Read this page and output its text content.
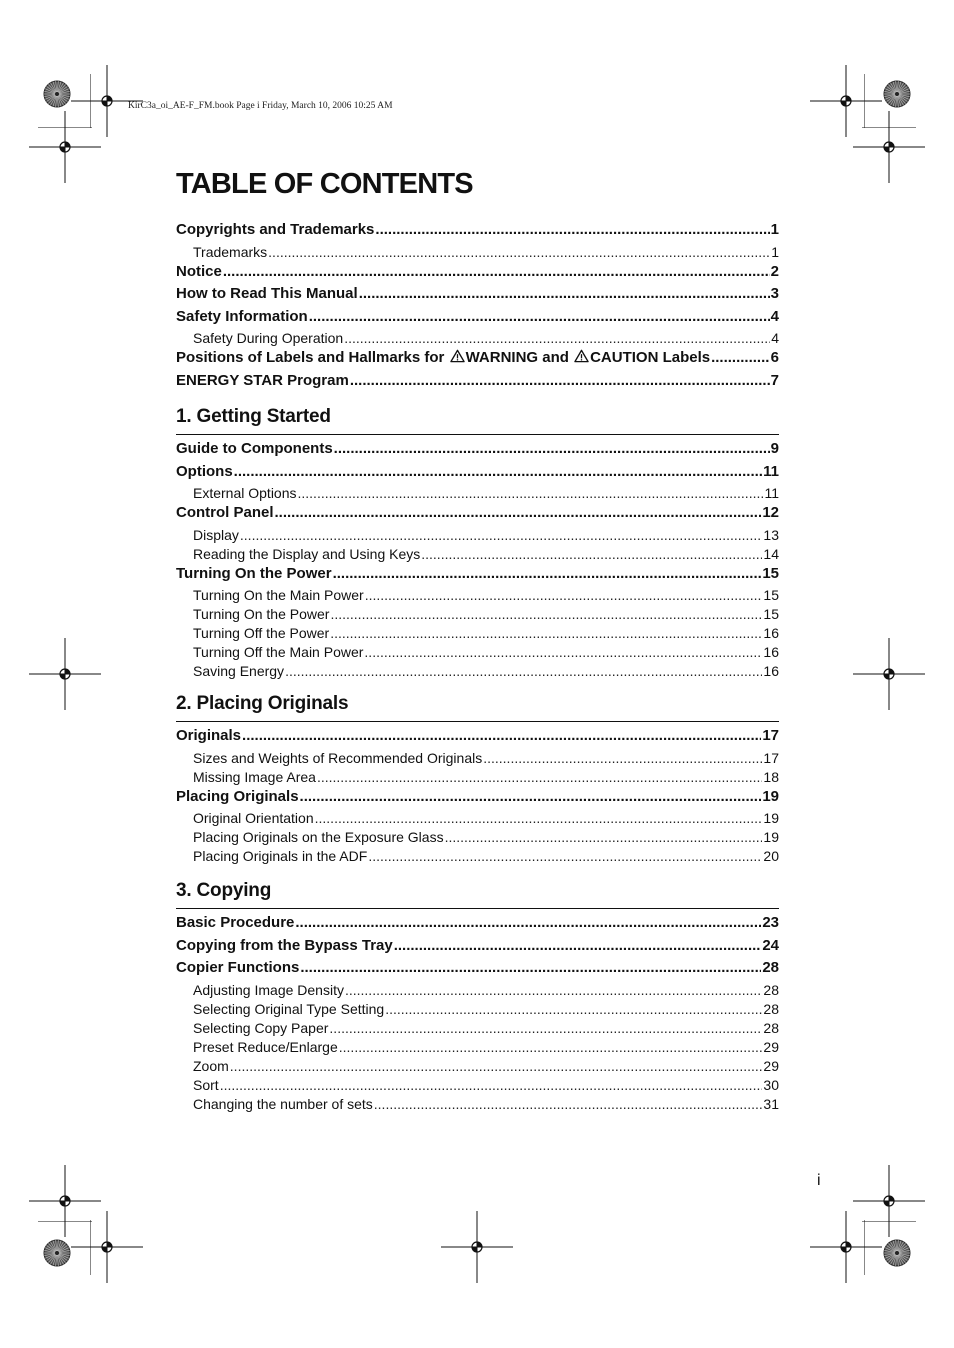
KirC3a_oi_AE-F_FM.book Page i Friday, March 10, 2006 10:25 AM
TABLE OF CONTENTS
Copyrights and Trademarks .....	1
Trademarks .....	1
Notice .....	2
How to Read This Manual .....	3
Safety Information .....	4
Safety During Operation .....	4
Positions of Labels and Hallmarks for WARNING and CAUTION Labels .....	6
ENERGY STAR Program .....	7
1. Getting Started
Guide to Components .....	9
Options .....	11
External Options .....	11
Control Panel .....	12
Display .....	13
Reading the Display and Using Keys .....	14
Turning On the Power .....	15
Turning On the Main Power .....	15
Turning On the Power .....	15
Turning Off the Power .....	16
Turning Off the Main Power .....	16
Saving Energy .....	16
2. Placing Originals
Originals .....	17
Sizes and Weights of Recommended Originals .....	17
Missing Image Area .....	18
Placing Originals .....	19
Original Orientation .....	19
Placing Originals on the Exposure Glass .....	19
Placing Originals in the ADF .....	20
3. Copying
Basic Procedure .....	23
Copying from the Bypass Tray .....	24
Copier Functions .....	28
Adjusting Image Density .....	28
Selecting Original Type Setting .....	28
Selecting Copy Paper .....	28
Preset Reduce/Enlarge .....	29
Zoom .....	29
Sort .....	30
Changing the number of sets .....	31
i
